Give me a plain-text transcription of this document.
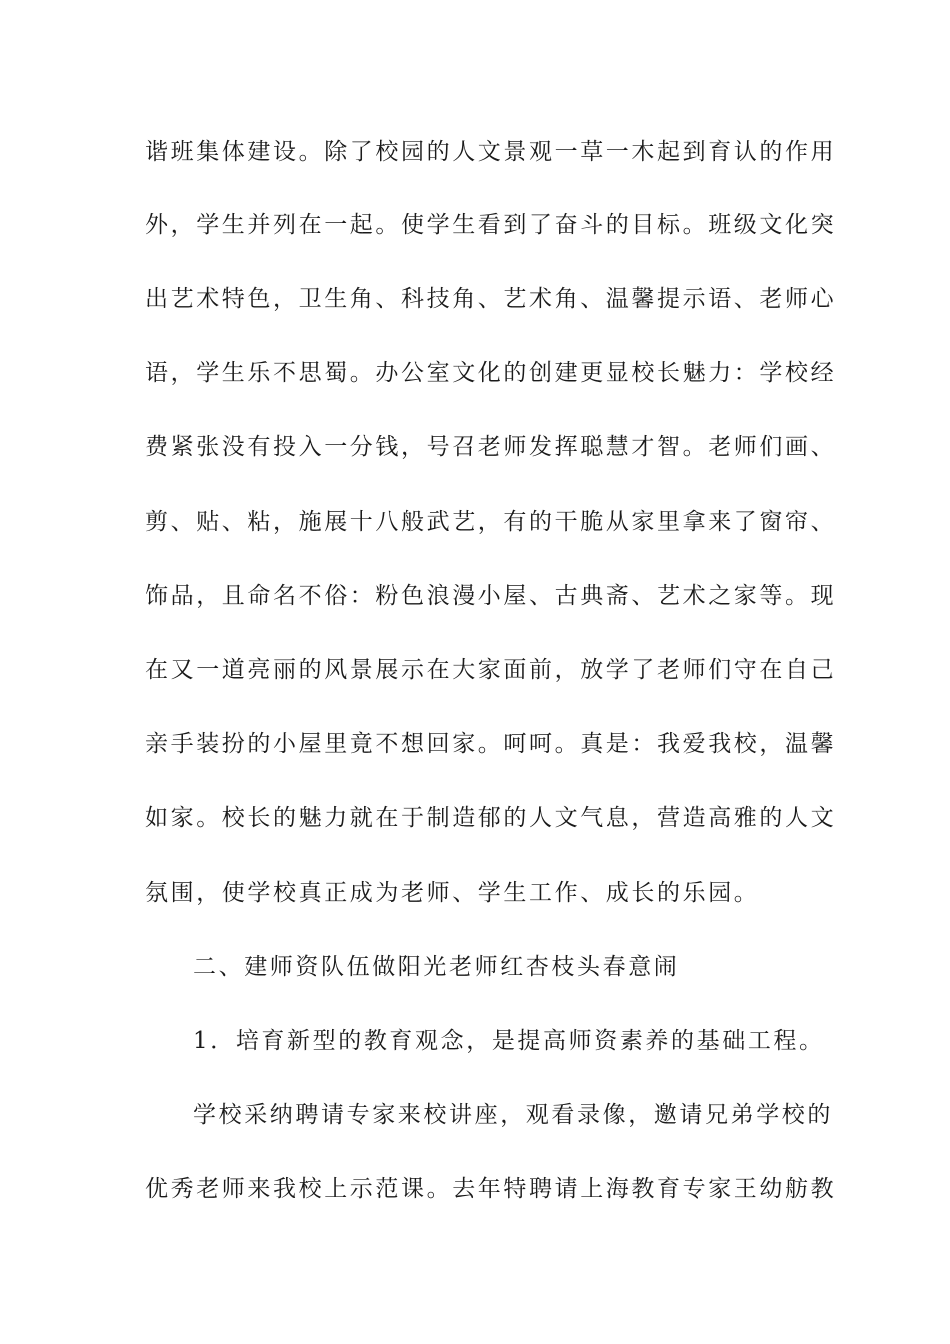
谐班集体建设。除了校园的人文景观一草一木起到育认的作用
外，学生并列在一起。使学生看到了奋斗的目标。班级文化突
出艺术特色，卫生角、科技角、艺术角、温馨提示语、老师心
语，学生乐不思蜀。办公室文化的创建更显校长魅力：学校经
费紧张没有投入一分钱，号召老师发挥聪慧才智。老师们画、
剪、贴、粘，施展十八般武艺，有的干脆从家里拿来了窗帘、
饰品，且命名不俗：粉色浪漫小屋、古典斋、艺术之家等。现
在又一道亮丽的风景展示在大家面前，放学了老师们守在自己
亲手装扮的小屋里竟不想回家。呵呵。真是：我爱我校，温馨
如家。校长的魅力就在于制造郁的人文气息，营造高雅的人文
氛围，使学校真正成为老师、学生工作、成长的乐园。
二、建师资队伍做阳光老师红杏枝头春意闹
1．培育新型的教育观念，是提高师资素养的基础工程。
学校采纳聘请专家来校讲座，观看录像，邀请兄弟学校的
优秀老师来我校上示范课。去年特聘请上海教育专家王幼舫教
